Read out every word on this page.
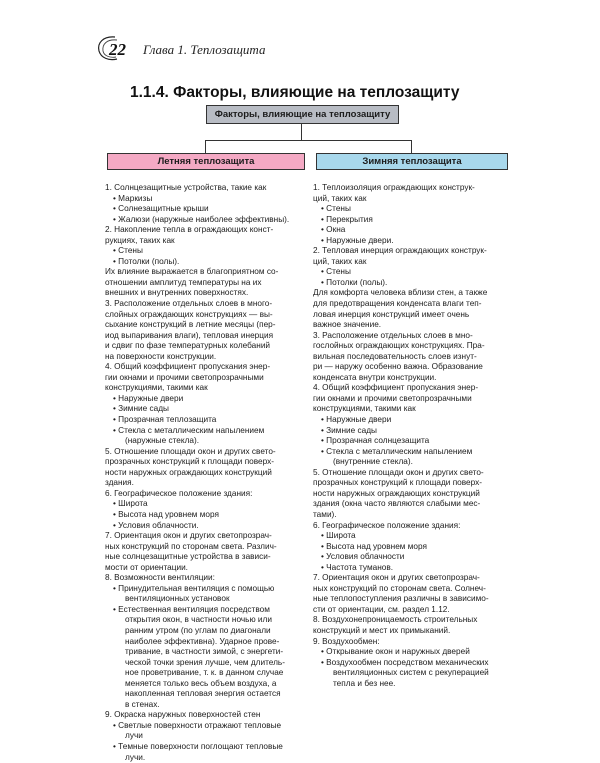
22 Глава 1. Теплозащита
1.1.4. Факторы, влияющие на теплозащиту
Факторы, влияющие на теплозащиту
Летняя теплозащита	Зимняя теплозащита
1. Солнцезащитные устройства, такие как
• Маркизы
• Солнезащитные крыши
• Жалюзи (наружные наиболее эффективны).
2. Накопление тепла в ограждающих конст-
рукциях, таких как
• Стены
• Потолки (полы).
Их влияние выражается в благоприятном со-
отношении амплитуд температуры на их
внешних и внутренних поверхностях.
3. Расположение отдельных слоев в много-
слойных ограждающих конструкциях — вы-
сыхание конструкций в летние месяцы (пер-
иод выпаривания влаги), тепловая инерция
и сдвиг по фазе температурных колебаний
на поверхности конструкции.
4. Общий коэффициент пропускания энер-
гии окнами и прочими светопрозрачными
конструкциями, такими как
• Наружные двери
• Зимние сады
• Прозрачная теплозащита
• Стекла с металлическим напылением
(наружные стекла).
5. Отношение площади окон и других свето-
прозрачных конструкций к площади поверх-
ности наружных ограждающих конструкций
здания.
6. Географическое положение здания:
• Широта
• Высота над уровнем моря
• Условия облачности.
7. Ориентация окон и других светопрозрач-
ных конструкций по сторонам света. Различ-
ные солнцезащитные устройства в зависи-
мости от ориентации.
8. Возможности вентиляции:
• Принудительная вентиляция с помощью
вентиляционных установок
• Естественная вентиляция посредством
открытия окон, в частности ночью или
ранним утром (по углам по диагонали
наиболее эффективна). Ударное прове-
тривание, в частности зимой, с энергети-
ческой точки зрения лучше, чем длитель-
ное проветривание, т. к. в данном случае
меняется только весь объем воздуха, а
накопленная тепловая энергия остается
в стенах.
9. Окраска наружных поверхностей стен
• Светлые поверхности отражают тепловые
лучи
• Темные поверхности поглощают тепловые
лучи.
1. Теплоизоляция ограждающих конструк-
ций, таких как
• Стены
• Перекрытия
• Окна
• Наружные двери.
2. Тепловая инерция ограждающих конструк-
ций, таких как
• Стены
• Потолки (полы).
Для комфорта человека вблизи стен, а также
для предотвращения конденсата влаги теп-
ловая инерция конструкций имеет очень
важное значение.
3. Расположение отдельных слоев в мно-
гослойных ограждающих конструкциях. Пра-
вильная последовательность слоев изнут-
ри — наружу особенно важна. Образование
конденсата внутри конструкции.
4. Общий коэффициент пропускания энер-
гии окнами и прочими светопрозрачными
конструкциями, такими как
• Наружные двери
• Зимние сады
• Прозрачная солнцезащита
• Стекла с металлическим напылением
(внутренние стекла).
5. Отношение площади окон и других свето-
прозрачных конструкций к площади поверх-
ности наружных ограждающих конструкций
здания (окна часто являются слабыми мес-
тами).
6. Географическое положение здания:
• Широта
• Высота над уровнем моря
• Условия облачности
• Частота туманов.
7. Ориентация окон и других светопрозрач-
ных конструкций по сторонам света. Солнеч-
ные теплопоступления различны в зависимо-
сти от ориентации, см. раздел 1.12.
8. Воздухонепроницаемость строительных
конструкций и мест их примыканий.
9. Воздухообмен:
• Открывание окон и наружных дверей
• Воздухообмен посредством механических
вентиляционных систем с рекуперацией
тепла и без нее.
